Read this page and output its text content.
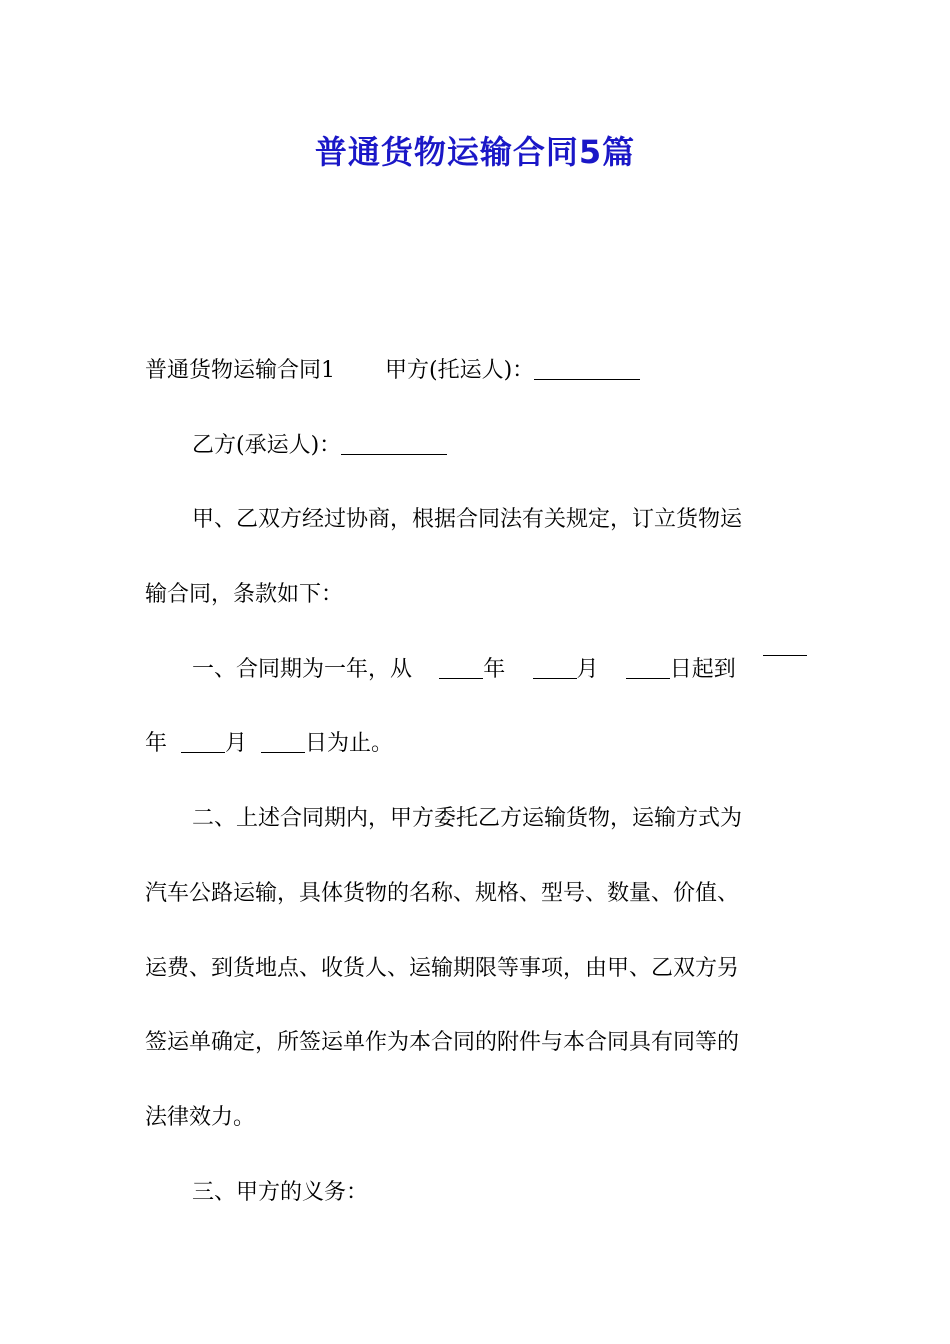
普通货物运输合同5篇
普通货物运输合同1 甲方(托运人)：
乙方(承运人)：
甲、乙双方经过协商，根据合同法有关规定，订立货物运
输合同，条款如下：
一、合同期为一年，从	年	月	日起到
年	月	日为止。
二、上述合同期内，甲方委托乙方运输货物，运输方式为
汽车公路运输，具体货物的名称、规格、型号、数量、价值、
运费、到货地点、收货人、运输期限等事项，由甲、乙双方另
签运单确定，所签运单作为本合同的附件与本合同具有同等的
法律效力。
三、甲方的义务：
